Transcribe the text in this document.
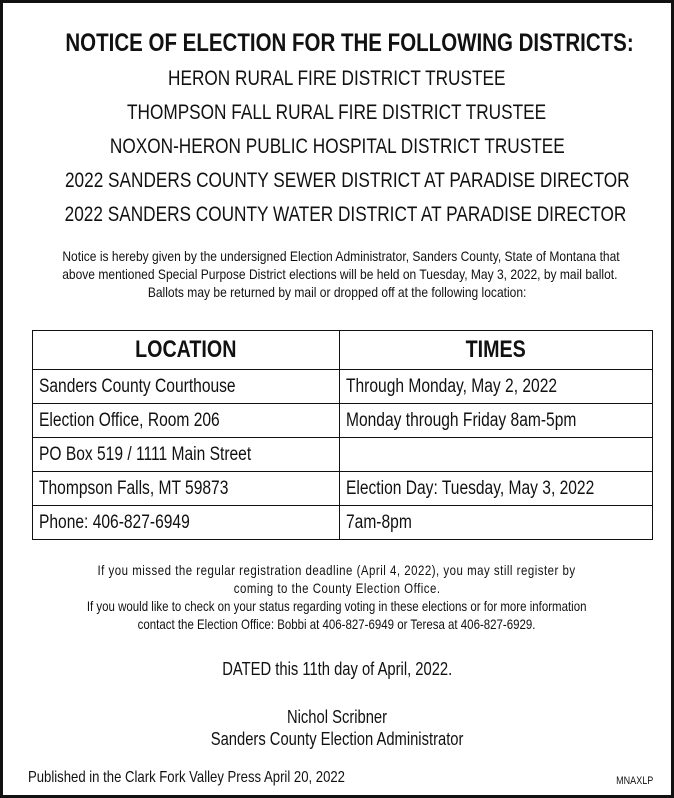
NOTICE OF ELECTION FOR THE FOLLOWING DISTRICTS:
HERON RURAL FIRE DISTRICT TRUSTEE
THOMPSON FALL RURAL FIRE DISTRICT TRUSTEE
NOXON-HERON PUBLIC HOSPITAL DISTRICT TRUSTEE
2022 SANDERS COUNTY SEWER DISTRICT AT PARADISE DIRECTOR
2022 SANDERS COUNTY WATER DISTRICT AT PARADISE DIRECTOR
Notice is hereby given by the undersigned Election Administrator, Sanders County, State of Montana that
above mentioned Special Purpose District elections will be held on Tuesday, May 3, 2022, by mail ballot.
Ballots may be returned by mail or dropped off at the following location:
LOCATION	TIMES
Sanders County Courthouse	Through Monday, May 2, 2022
Election Office, Room 206	Monday through Friday 8am-5pm
PO Box 519 / 1111 Main Street	
Thompson Falls, MT 59873	Election Day: Tuesday, May 3, 2022
Phone: 406-827-6949	7am-8pm
If you missed the regular registration deadline (April 4, 2022), you may still register by
coming to the County Election Office.
If you would like to check on your status regarding voting in these elections or for more information
contact the Election Office: Bobbi at 406-827-6949 or Teresa at 406-827-6929.
DATED this 11th day of April, 2022.
Nichol Scribner
Sanders County Election Administrator
Published in the Clark Fork Valley Press April 20, 2022	MNAXLP
